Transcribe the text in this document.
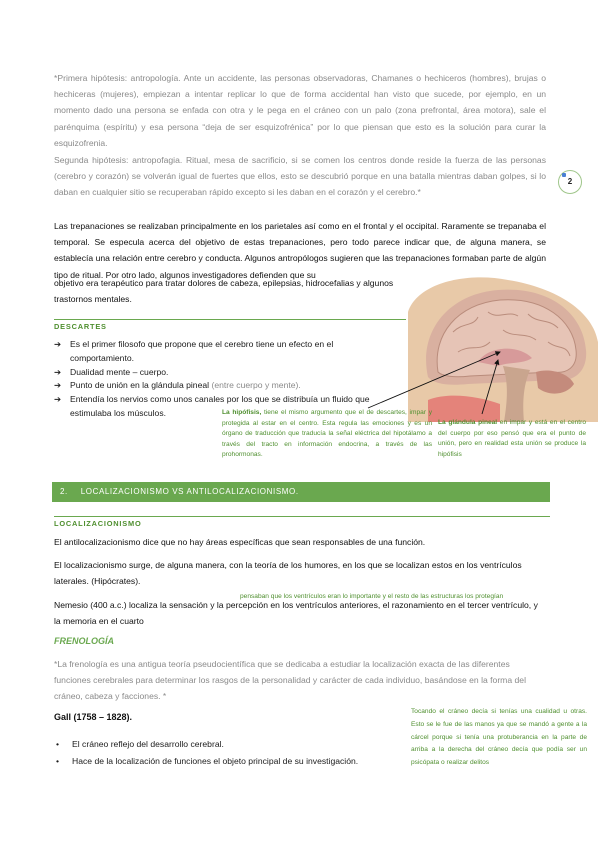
*Primera hipótesis: antropología. Ante un accidente, las personas observadoras, Chamanes o hechiceros (hombres), brujas o hechiceras (mujeres), empiezan a intentar replicar lo que de forma accidental han visto que sucede, por ejemplo, en un momento dado una persona se enfada con otra y le pega en el cráneo con un palo (zona prefrontal, área motora), sale el parénquima (espíritu) y esa persona “deja de ser esquizofrénica” por lo que piensan que esto es la solución para curar la esquizofrenia.

Segunda hipótesis: antropofagia. Ritual, mesa de sacrificio, si se comen los centros donde reside la fuerza de las personas (cerebro y corazón) se volverán igual de fuertes que ellos, esto se descubrió porque en una batalla mientras daban golpes, si lo daban en cualquier sitio se recuperaban rápido excepto si les daban en el corazón y el cerebro.*

2

Las trepanaciones se realizaban principalmente en los parietales así como en el frontal y el occipital. Raramente se trepanaba el temporal. Se especula acerca del objetivo de estas trepanaciones, pero todo parece indicar que, de alguna manera, se establecía una relación entre cerebro y conducta. Algunos antropólogos sugieren que las trepanaciones formaban parte de algún tipo de ritual. Por otro lado, algunos investigadores defienden que su

objetivo era terapéutico para tratar dolores de cabeza, epilepsias, hidrocefalias y algunos trastornos mentales.

DESCARTES
➔	Es el primer filosofo que propone que el cerebro tiene un efecto en el comportamiento.
➔	Dualidad mente – cuerpo.
➔	Punto de unión en la glándula pineal (entre cuerpo y mente).
➔	Entendía los nervios como unos canales por los que se distribuía un fluido que estimulaba los músculos.	La hipófisis, tiene el mismo argumento que el de descartes, impar y protegida al estar en el centro. Esta regula las emociones y es un órgano de traducción que traducía la señal eléctrica del hipotálamo a través del tracto en información endocrina, a través de las prohormonas.

La glándula pineal en impar y está en el centro del cuerpo por eso pensó que era el punto de unión, pero en realidad esta unión se produce la hipófisis

2. LOCALIZACIONISMO VS ANTILOCALIZACIONISMO.
LOCALIZACIONISMO

El antilocalizacionismo dice que no hay áreas específicas que sean responsables de una función.

El localizacionismo surge, de alguna manera, con la teoría de los humores, en los que se localizan estos en los ventrículos laterales. (Hipócrates).

pensaban que los ventrículos eran lo importante y el resto de las estructuras los protegían

Nemesio (400 a.c.) localiza la sensación y la percepción en los ventrículos anteriores, el razonamiento en el tercer ventrículo, y la memoria en el cuarto

FRENOLOGÍA

*La frenología es una antigua teoría pseudocientífica que se dedicaba a estudiar la localización exacta de las diferentes funciones cerebrales para determinar los rasgos de la personalidad y carácter de cada individuo, basándose en la forma del cráneo, cabeza y facciones. *

Gall (1758 – 1828).
•	El cráneo reflejo del desarrollo cerebral.
•	Hace de la localización de funciones el objeto principal de su investigación.

Tocando el cráneo decía si tenías una cualidad u otras. Esto se le fue de las manos ya que se mandó a gente a la cárcel porque si tenía una protuberancia en la parte de arriba a la derecha del cráneo decía que podía ser un psicópata o realizar delitos
